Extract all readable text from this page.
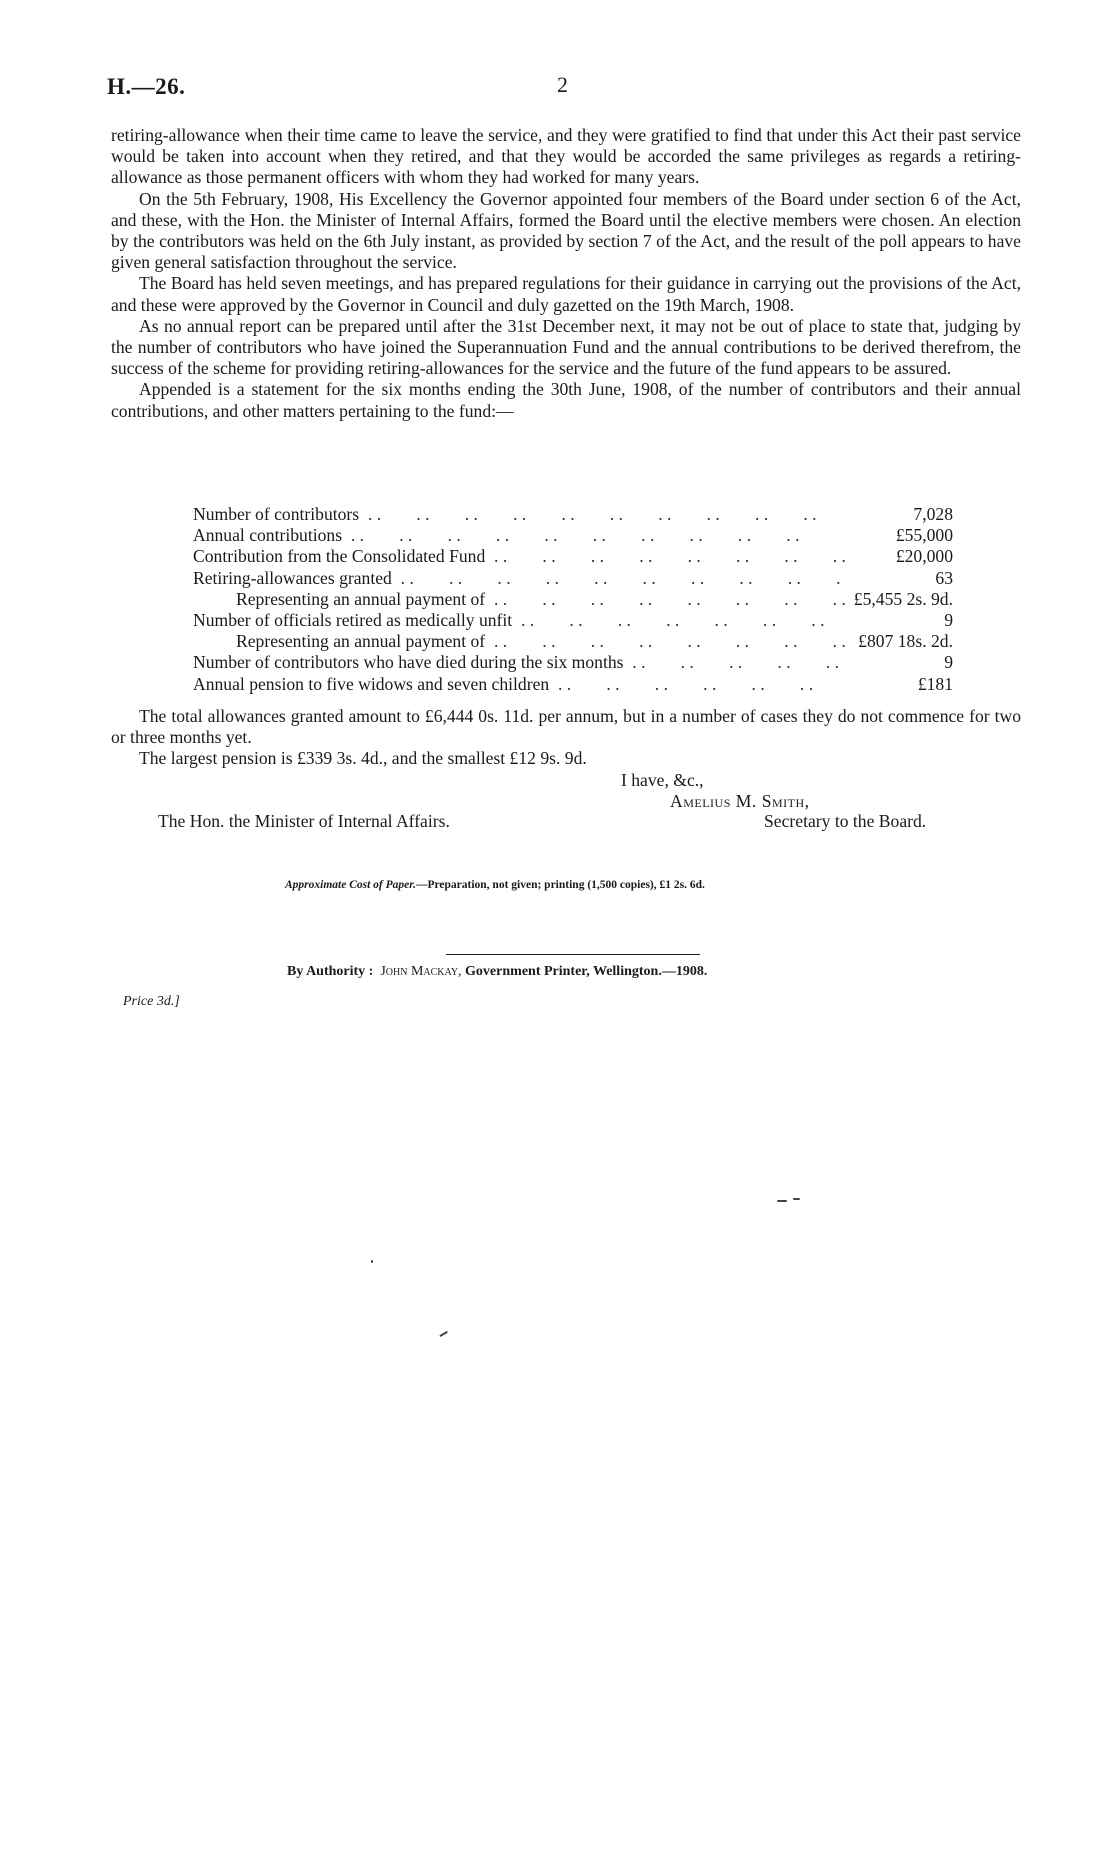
H.—26.	2

retiring-allowance when their time came to leave the service, and they were gratified to find that under this Act their past service would be taken into account when they retired, and that they would be accorded the same privileges as regards a retiring-allowance as those permanent officers with whom they had worked for many years.

On the 5th February, 1908, His Excellency the Governor appointed four members of the Board under section 6 of the Act, and these, with the Hon. the Minister of Internal Affairs, formed the Board until the elective members were chosen. An election by the contributors was held on the 6th July instant, as provided by section 7 of the Act, and the result of the poll appears to have given general satisfaction throughout the service.

The Board has held seven meetings, and has prepared regulations for their guidance in carrying out the provisions of the Act, and these were approved by the Governor in Council and duly gazetted on the 19th March, 1908.

As no annual report can be prepared until after the 31st December next, it may not be out of place to state that, judging by the number of contributors who have joined the Superannuation Fund and the annual contributions to be derived therefrom, the success of the scheme for providing retiring-allowances for the service and the future of the fund appears to be assured.

Appended is a statement for the six months ending the 30th June, 1908, of the number of contributors and their annual contributions, and other matters pertaining to the fund:—

Number of contributors . .	7,028
Annual contributions . .	£55,000
Contribution from the Consolidated Fund . .	£20,000
Retiring-allowances granted . .	63
Representing an annual payment of . .	£5,455 2s. 9d.
Number of officials retired as medically unfit . .	9
Representing an annual payment of . .	£807 18s. 2d.
Number of contributors who have died during the six months . .	9
Annual pension to five widows and seven children . .	£181

The total allowances granted amount to £6,444 0s. 11d. per annum, but in a number of cases they do not commence for two or three months yet.

The largest pension is £339 3s. 4d., and the smallest £12 9s. 9d.

I have, &c.,
Amelius M. Smith,
The Hon. the Minister of Internal Affairs.	Secretary to the Board.
Approximate Cost of Paper.—Preparation, not given; printing (1,500 copies), £1 2s. 6d.
By Authority : John Mackay, Government Printer, Wellington.—1908.
Price 3d.]
